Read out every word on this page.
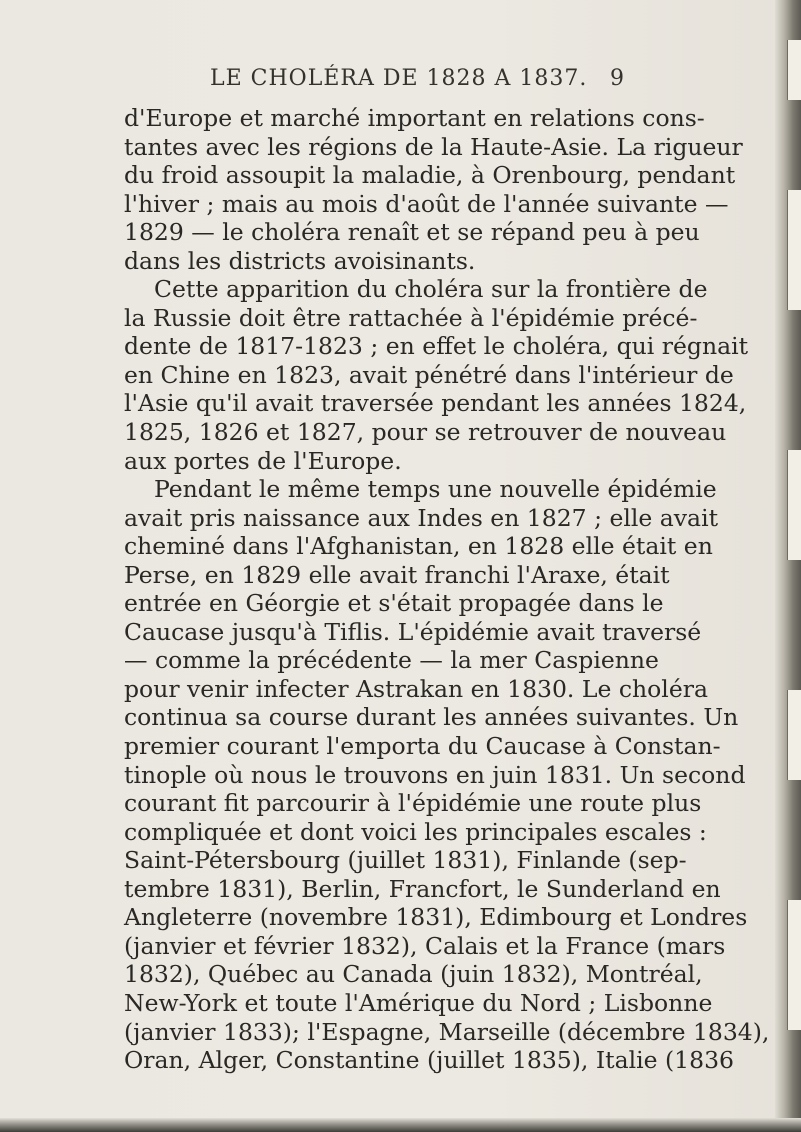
LE CHOLÉRA DE 1828 A 1837. 9
d'Europe et marché important en relations cons-
tantes avec les régions de la Haute-Asie. La rigueur
du froid assoupit la maladie, à Orenbourg, pendant
l'hiver ; mais au mois d'août de l'année suivante —
1829 — le choléra renaît et se répand peu à peu
dans les districts avoisinants.
Cette apparition du choléra sur la frontière de
la Russie doit être rattachée à l'épidémie précé-
dente de 1817-1823 ; en effet le choléra, qui régnait
en Chine en 1823, avait pénétré dans l'intérieur de
l'Asie qu'il avait traversée pendant les années 1824,
1825, 1826 et 1827, pour se retrouver de nouveau
aux portes de l'Europe.
Pendant le même temps une nouvelle épidémie
avait pris naissance aux Indes en 1827 ; elle avait
cheminé dans l'Afghanistan, en 1828 elle était en
Perse, en 1829 elle avait franchi l'Araxe, était
entrée en Géorgie et s'était propagée dans le
Caucase jusqu'à Tiflis. L'épidémie avait traversé
— comme la précédente — la mer Caspienne
pour venir infecter Astrakan en 1830. Le choléra
continua sa course durant les années suivantes. Un
premier courant l'emporta du Caucase à Constan-
tinople où nous le trouvons en juin 1831. Un second
courant fit parcourir à l'épidémie une route plus
compliquée et dont voici les principales escales :
Saint-Pétersbourg (juillet 1831), Finlande (sep-
tembre 1831), Berlin, Francfort, le Sunderland en
Angleterre (novembre 1831), Edimbourg et Londres
(janvier et février 1832), Calais et la France (mars
1832), Québec au Canada (juin 1832), Montréal,
New-York et toute l'Amérique du Nord ; Lisbonne
(janvier 1833); l'Espagne, Marseille (décembre 1834),
Oran, Alger, Constantine (juillet 1835), Italie (1836
